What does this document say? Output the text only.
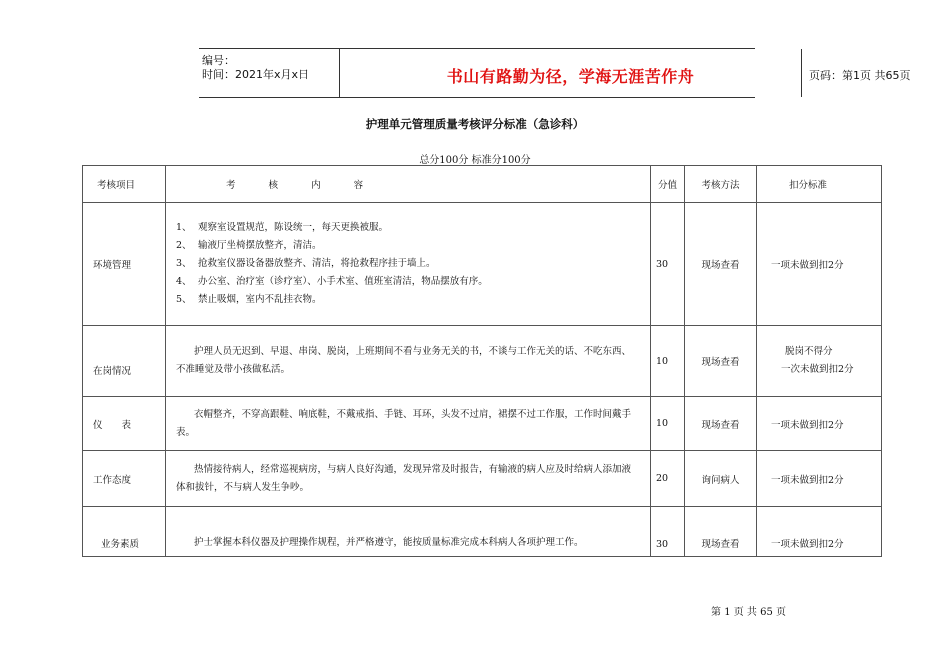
编号：
时间：2021年x月x日	书山有路勤为径，学海无涯苦作舟	页码：第1页 共65页
护理单元管理质量考核评分标准（急诊科）
总分100分 标准分100分
考核项目	考 核 内 容	分值	考核方法	扣分标准
环境管理	1、 观察室设置规范，陈设统一，每天更换被服。
2、 输液厅坐椅摆放整齐，清洁。
3、 抢救室仪器设备器放整齐、清洁，将抢救程序挂于墙上。
4、 办公室、治疗室（诊疗室）、小手术室、值班室清洁，物品摆放有序。
5、 禁止吸烟，室内不乱挂衣物。	30	现场查看	一项未做到扣2分
在岗情况	护理人员无迟到、早退、串岗、脱岗，上班期间不看与业务无关的书，不谈与工作无关的话、不吃东西、不准睡觉及带小孩做私活。	10	现场查看	脱岗不得分
一次未做到扣2分

仪　　表	衣帽整齐，不穿高跟鞋、响底鞋，不戴戒指、手链、耳环，头发不过肩，裙摆不过工作服，工作时间戴手表。	10	现场查看	一项未做到扣2分
工作态度	热情接待病人，经常巡视病房，与病人良好沟通，发现异常及时报告，有输液的病人应及时给病人添加液体和拔针，不与病人发生争吵。	20	询问病人	一项未做到扣2分
业务素质	护士掌握本科仪器及护理操作规程，并严格遵守，能按质量标准完成本科病人各项护理工作。	30	现场查看	一项未做到扣2分
第 1 页 共 65 页
